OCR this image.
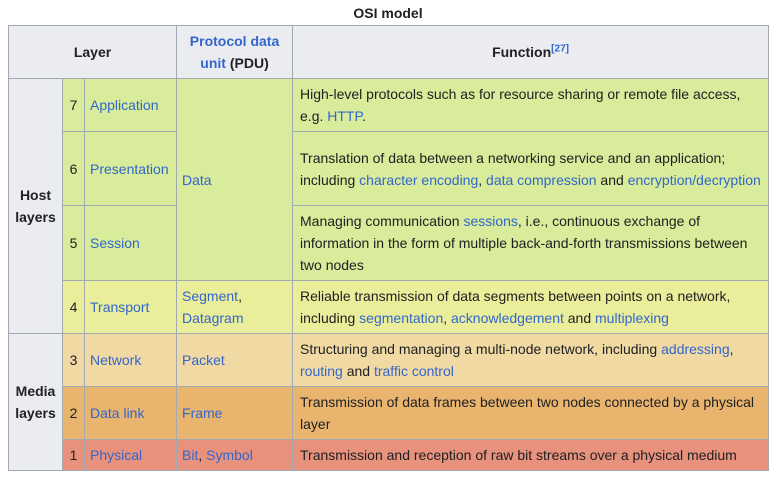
OSI model
Layer			Protocol data unit (PDU)	Function[27]
Host layers	7	Application	Data	High-level protocols such as for resource sharing or remote file access, e.g. HTTP.
	6	Presentation		Translation of data between a networking service and an application; including character encoding, data compression and encryption/decryption
	5	Session		Managing communication sessions, i.e., continuous exchange of information in the form of multiple back-and-forth transmissions between two nodes
	4	Transport	Segment, Datagram	Reliable transmission of data segments between points on a network, including segmentation, acknowledgement and multiplexing
Media layers	3	Network	Packet	Structuring and managing a multi-node network, including addressing, routing and traffic control
	2	Data link	Frame	Transmission of data frames between two nodes connected by a physical layer
	1	Physical	Bit, Symbol	Transmission and reception of raw bit streams over a physical medium
